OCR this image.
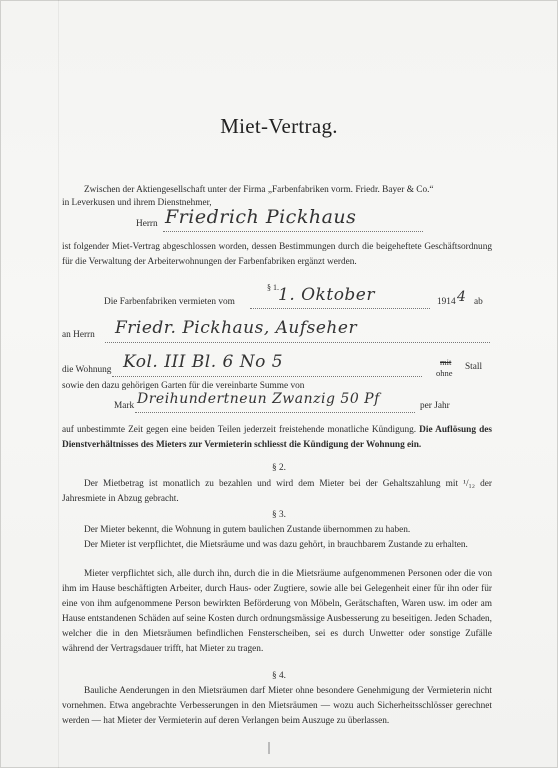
Miet-Vertrag.
Zwischen der Aktiengesellschaft unter der Firma „Farbenfabriken vorm. Friedr. Bayer & Co.“
in Leverkusen und ihrem Dienstnehmer,
Herrn Friedrich Pickhaus
ist folgender Miet-Vertrag abgeschlossen worden, dessen Bestimmungen durch die beigeheftete Geschäftsordnung für die Verwaltung der Arbeiterwohnungen der Farbenfabriken ergänzt werden.
Die Farbenfabriken vermieten vom
§ 1. 1. Oktober	1914 4 ab
an Herrn Friedr. Pickhaus, Aufseher
die Wohnung Kol. III Bl. 6 No 5	mit
ohne
Stall
sowie den dazu gehörigen Garten für die vereinbarte Summe von
Mark Dreihundertneun Zwanzig 50 Pf	per Jahr
auf unbestimmte Zeit gegen eine beiden Teilen jederzeit freistehende monatliche Kündigung. Die Auflösung des Dienstverhältnisses des Mieters zur Vermieterin schliesst die Kündigung der Wohnung ein.
§ 2.
Der Mietbetrag ist monatlich zu bezahlen und wird dem Mieter bei der Gehaltszahlung mit ¹/₁₂ der Jahresmiete in Abzug gebracht.
§ 3.
Der Mieter bekennt, die Wohnung in gutem baulichen Zustande übernommen zu haben.
Der Mieter ist verpflichtet, die Mietsräume und was dazu gehört, in brauchbarem Zustande zu erhalten.
Mieter verpflichtet sich, alle durch ihn, durch die in die Mietsräume aufgenommenen Personen oder die von ihm im Hause beschäftigten Arbeiter, durch Haus- oder Zugtiere, sowie alle bei Gelegenheit einer für ihn oder für eine von ihm aufgenommene Person bewirkten Beförderung von Möbeln, Gerätschaften, Waren usw. im oder am Hause entstandenen Schäden auf seine Kosten durch ordnungsmässige Ausbesserung zu beseitigen. Jeden Schaden, welcher die in den Mietsräumen befindlichen Fensterscheiben, sei es durch Unwetter oder sonstige Zufälle während der Vertragsdauer trifft, hat Mieter zu tragen.
§ 4.
Bauliche Aenderungen in den Mietsräumen darf Mieter ohne besondere Genehmigung der Vermieterin nicht vornehmen. Etwa angebrachte Verbesserungen in den Mietsräumen — wozu auch Sicherheitsschlösser gerechnet werden — hat Mieter der Vermieterin auf deren Verlangen beim Auszuge zu überlassen.
